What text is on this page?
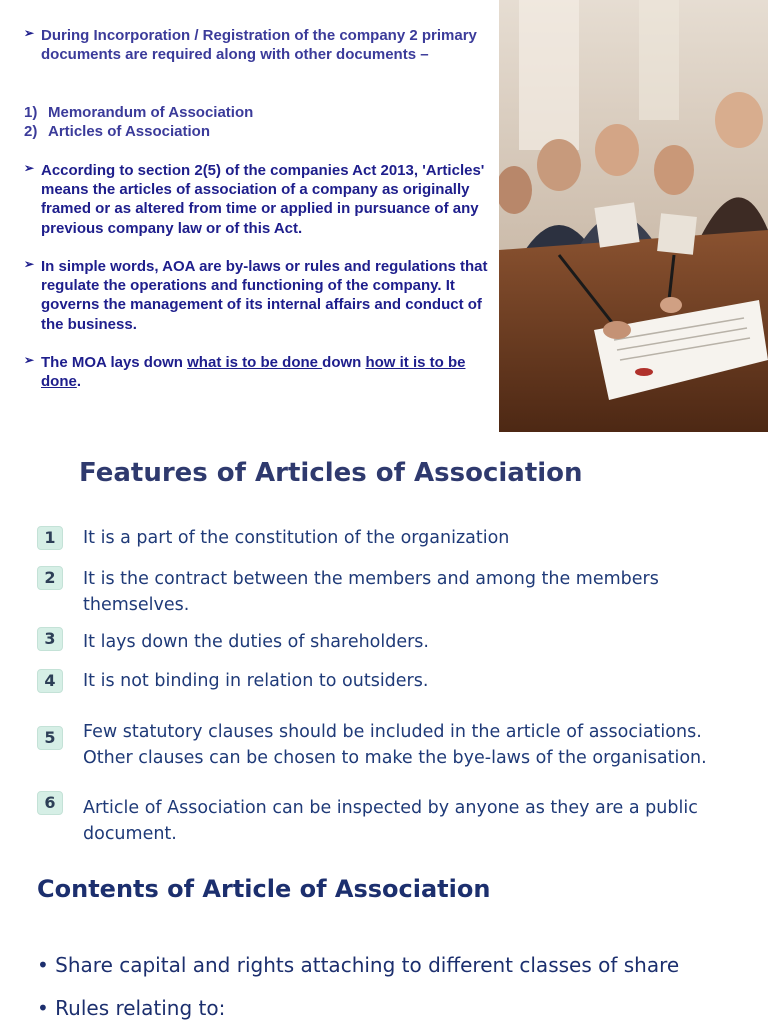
➢ During Incorporation / Registration of the company 2 primary documents are required along with other documents –
1) Memorandum of Association
2) Articles of Association
➢ According to section 2(5) of the companies Act 2013, 'Articles' means the articles of association of a company as originally framed or as altered from time or applied in pursuance of any previous company law or of this Act.
➢ In simple words, AOA are by-laws or rules and regulations that regulate the operations and functioning of the company. It governs the management of its internal affairs and conduct of the business.
➢ The MOA lays down what is to be done down how it is to be done.
Features of Articles of Association
1	It is a part of the constitution of the organization
2	It is the contract between the members and among the members themselves.
3	It lays down the duties of shareholders.
4	It is not binding in relation to outsiders.
5	Few statutory clauses should be included in the article of associations. Other clauses can be chosen to make the bye-laws of the organisation.
6	Article of Association can be inspected by anyone as they are a public document.
Contents of Article of Association
• Share capital and rights attaching to different classes of share
• Rules relating to:
